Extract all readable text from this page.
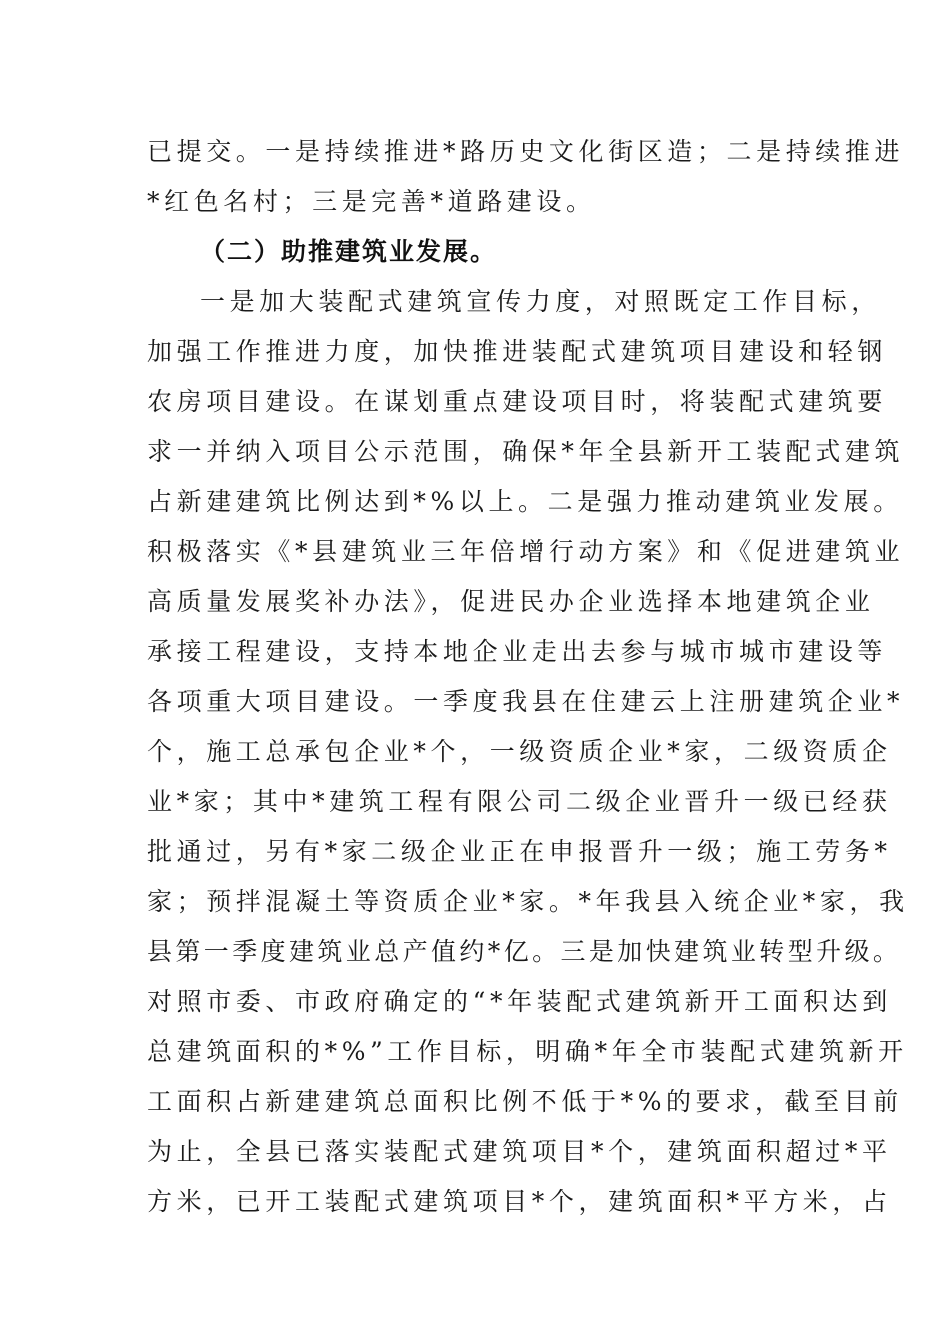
已提交。一是持续推进*路历史文化街区造；二是持续推进
*红色名村；三是完善*道路建设。
（二）助推建筑业发展。
一是加大装配式建筑宣传力度，对照既定工作目标，
加强工作推进力度，加快推进装配式建筑项目建设和轻钢
农房项目建设。在谋划重点建设项目时，将装配式建筑要
求一并纳入项目公示范围，确保*年全县新开工装配式建筑
占新建建筑比例达到*%以上。二是强力推动建筑业发展。
积极落实《*县建筑业三年倍增行动方案》和《促进建筑业
高质量发展奖补办法》，促进民办企业选择本地建筑企业
承接工程建设，支持本地企业走出去参与城市城市建设等
各项重大项目建设。一季度我县在住建云上注册建筑企业*
个，施工总承包企业*个，一级资质企业*家，二级资质企
业*家；其中*建筑工程有限公司二级企业晋升一级已经获
批通过，另有*家二级企业正在申报晋升一级；施工劳务*
家；预拌混凝土等资质企业*家。*年我县入统企业*家，我
县第一季度建筑业总产值约*亿。三是加快建筑业转型升级。
对照市委、市政府确定的“*年装配式建筑新开工面积达到
总建筑面积的*%”工作目标，明确*年全市装配式建筑新开
工面积占新建建筑总面积比例不低于*%的要求，截至目前
为止，全县已落实装配式建筑项目*个，建筑面积超过*平
方米，已开工装配式建筑项目*个，建筑面积*平方米，占
